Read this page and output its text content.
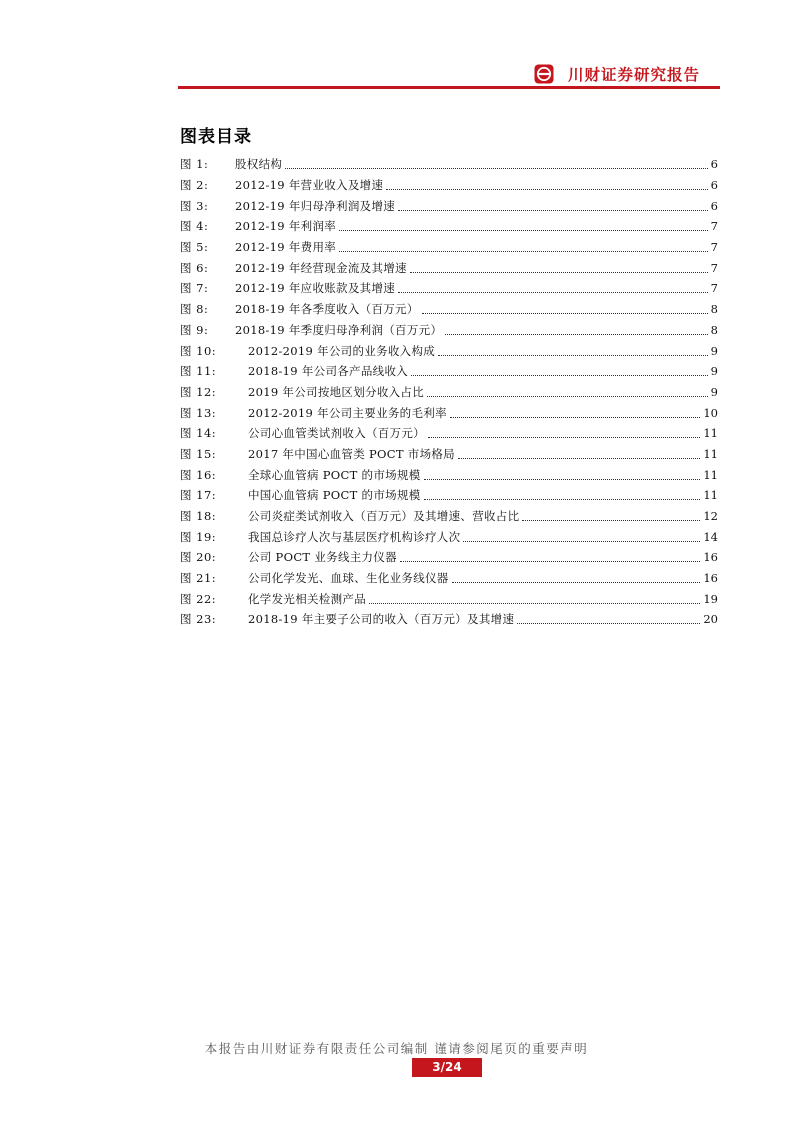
川财证券研究报告
图表目录
图 1:	股权结构	6
图 2:	2012-19 年营业收入及增速	6
图 3:	2012-19 年归母净利润及增速	6
图 4:	2012-19 年利润率	7
图 5:	2012-19 年费用率	7
图 6:	2012-19 年经营现金流及其增速	7
图 7:	2012-19 年应收账款及其增速	7
图 8:	2018-19 年各季度收入（百万元）	8
图 9:	2018-19 年季度归母净利润（百万元）	8
图 10:	2012-2019 年公司的业务收入构成	9
图 11:	2018-19 年公司各产品线收入	9
图 12:	2019 年公司按地区划分收入占比	9
图 13:	2012-2019 年公司主要业务的毛利率	10
图 14:	公司心血管类试剂收入（百万元）	11
图 15:	2017 年中国心血管类 POCT 市场格局	11
图 16:	全球心血管病 POCT 的市场规模	11
图 17:	中国心血管病 POCT 的市场规模	11
图 18:	公司炎症类试剂收入（百万元）及其增速、营收占比	12
图 19:	我国总诊疗人次与基层医疗机构诊疗人次	14
图 20:	公司 POCT 业务线主力仪器	16
图 21:	公司化学发光、血球、生化业务线仪器	16
图 22:	化学发光相关检测产品	19
图 23:	2018-19 年主要子公司的收入（百万元）及其增速	20
本报告由川财证券有限责任公司编制 谨请参阅尾页的重要声明
3/24
